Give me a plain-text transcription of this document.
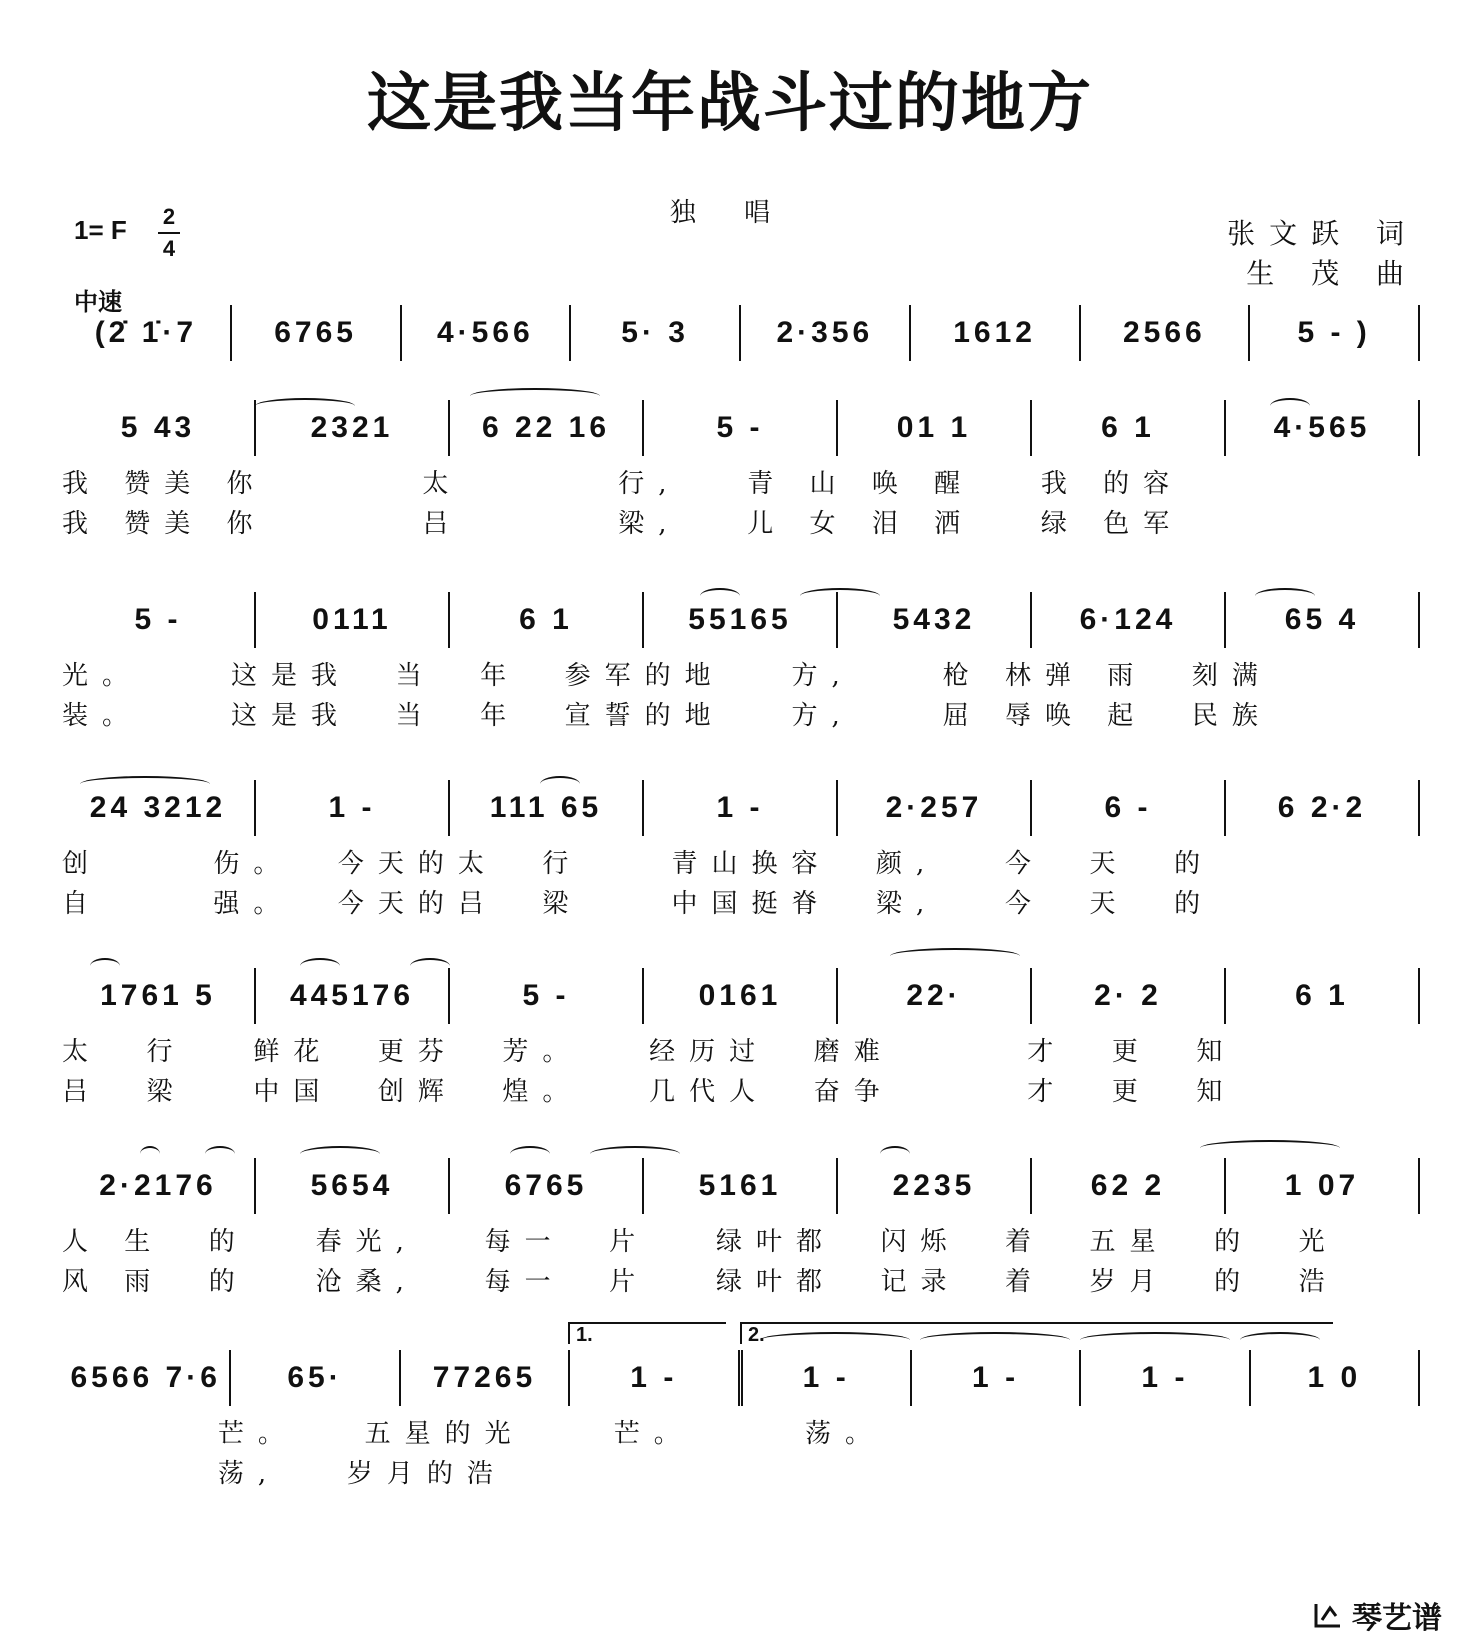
这是我当年战斗过的地方
独 唱
1= F 2
4
中速
张文跃 词
生 茂 曲
(2̇ 1̇·7	6765	4·566	5· 3	2·356	1612	2566	5 - )
5 43	2321	6 22 16	5 -	01 1	6 1	4·565
我 赞美 你       太       行,   青 山 唤 醒   我 的容
我 赞美 你       吕       梁,   儿 女 泪 洒   绿 色军
5 -	0111	6 1	55165	5432	6·124	65 4
光。    这是我  当  年  参军的地   方,    枪 林弹 雨  刻满
装。    这是我  当  年  宣誓的地   方,    屈 辱唤 起  民族
24 3212	1 -	111 65	1 -	2·257	6 -	6 2·2
创     伤。  今天的太  行    青山换容  颜,   今  天  的
自     强。  今天的吕  梁    中国挺脊  梁,   今  天  的
1761 5	445176	5 -	0161	22·	2· 2	6 1
太  行   鲜花  更芬  芳。   经历过  磨难      才  更  知
吕  梁   中国  创辉  煌。   几代人  奋争      才  更  知
2·2176	5654	6765	5161	2235	62 2	1 07
人 生  的   春光,   每一  片   绿叶都  闪烁  着  五星  的  光
风 雨  的   沧桑,   每一  片   绿叶都  记录  着  岁月  的  浩
6566 7·6	65·	77265	1 -	1 -	1 -	1 -	1 0
芒。   五星的光    芒。     荡。
荡,   岁月的浩
1.	2.
琴艺谱
